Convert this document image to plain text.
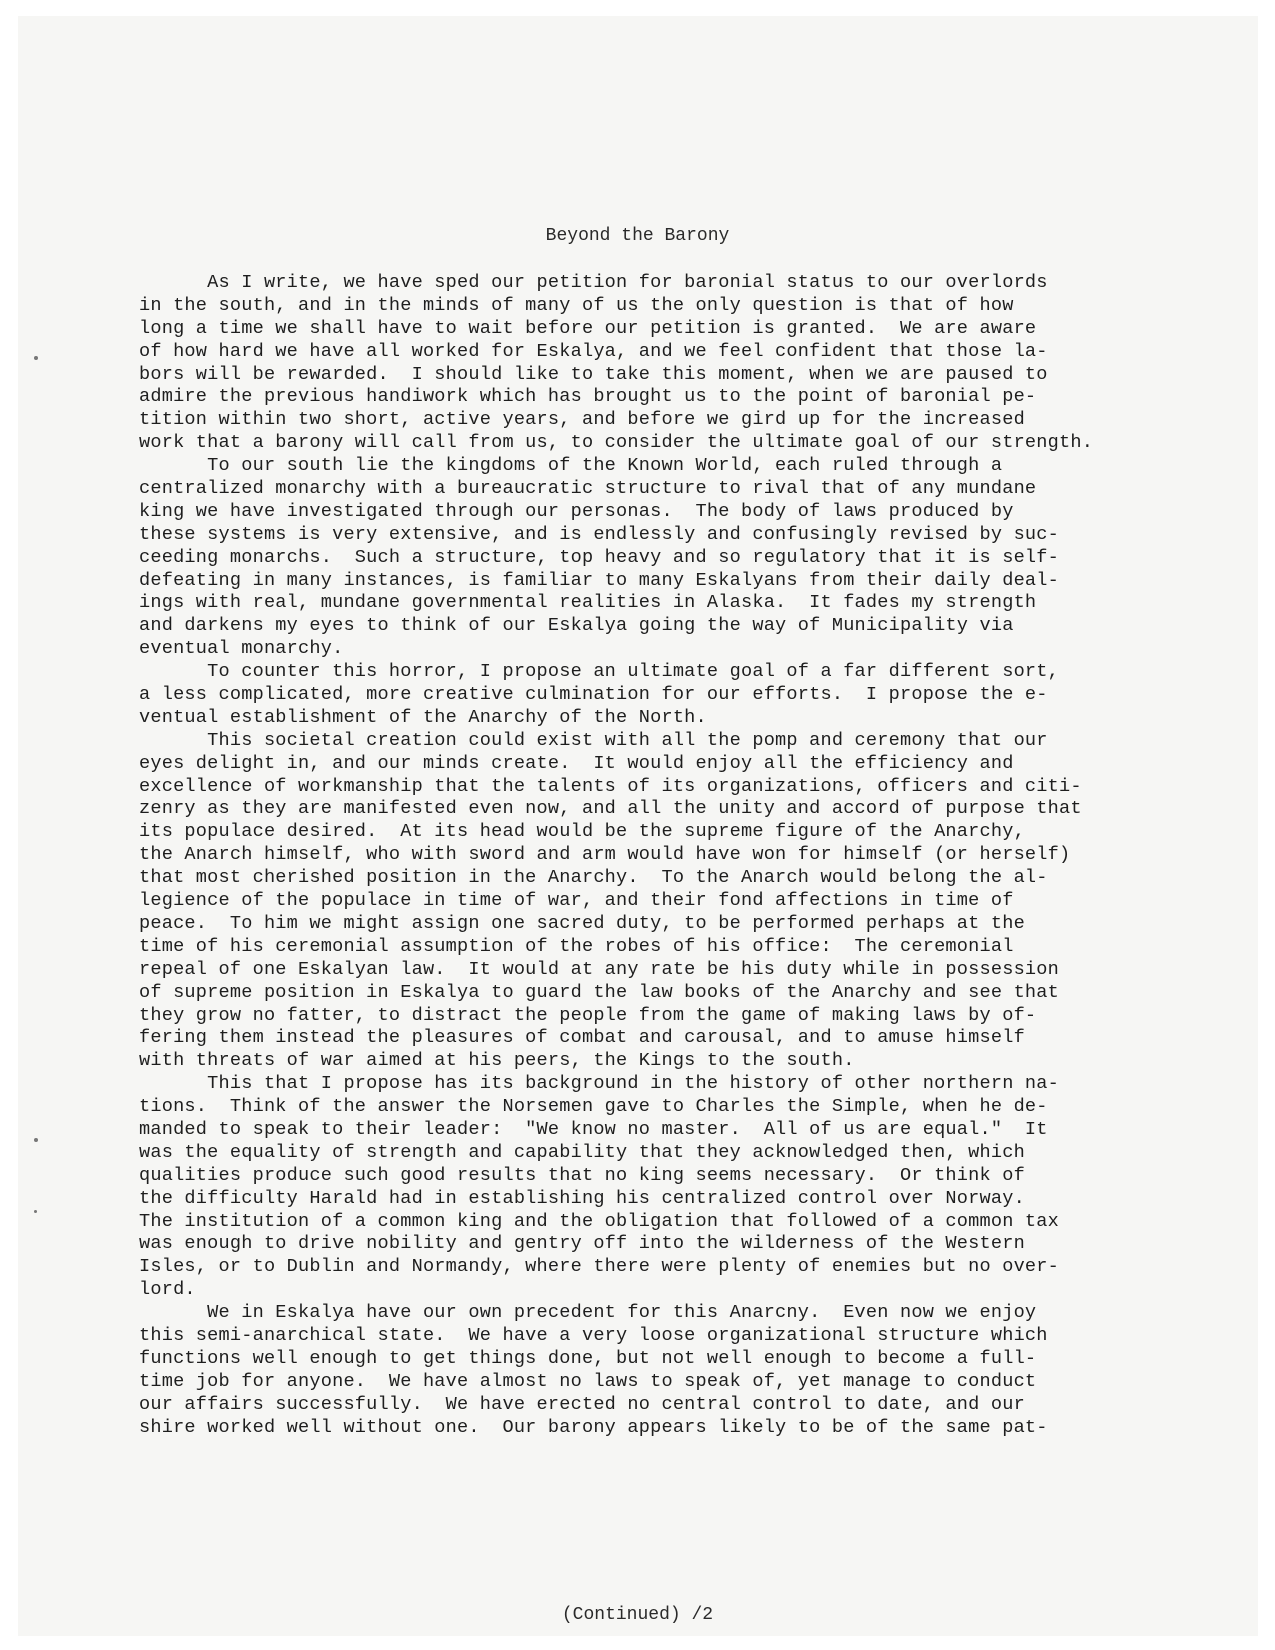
Beyond the Barony
As I write, we have sped our petition for baronial status to our overlords
in the south, and in the minds of many of us the only question is that of how
long a time we shall have to wait before our petition is granted.  We are aware
of how hard we have all worked for Eskalya, and we feel confident that those la-
bors will be rewarded.  I should like to take this moment, when we are paused to
admire the previous handiwork which has brought us to the point of baronial pe-
tition within two short, active years, and before we gird up for the increased
work that a barony will call from us, to consider the ultimate goal of our strength.
To our south lie the kingdoms of the Known World, each ruled through a
centralized monarchy with a bureaucratic structure to rival that of any mundane
king we have investigated through our personas.  The body of laws produced by
these systems is very extensive, and is endlessly and confusingly revised by suc-
ceeding monarchs.  Such a structure, top heavy and so regulatory that it is self-
defeating in many instances, is familiar to many Eskalyans from their daily deal-
ings with real, mundane governmental realities in Alaska.  It fades my strength
and darkens my eyes to think of our Eskalya going the way of Municipality via
eventual monarchy.
To counter this horror, I propose an ultimate goal of a far different sort,
a less complicated, more creative culmination for our efforts.  I propose the e-
ventual establishment of the Anarchy of the North.
This societal creation could exist with all the pomp and ceremony that our
eyes delight in, and our minds create.  It would enjoy all the efficiency and
excellence of workmanship that the talents of its organizations, officers and citi-
zenry as they are manifested even now, and all the unity and accord of purpose that
its populace desired.  At its head would be the supreme figure of the Anarchy,
the Anarch himself, who with sword and arm would have won for himself (or herself)
that most cherished position in the Anarchy.  To the Anarch would belong the al-
legience of the populace in time of war, and their fond affections in time of
peace.  To him we might assign one sacred duty, to be performed perhaps at the
time of his ceremonial assumption of the robes of his office:  The ceremonial
repeal of one Eskalyan law.  It would at any rate be his duty while in possession
of supreme position in Eskalya to guard the law books of the Anarchy and see that
they grow no fatter, to distract the people from the game of making laws by of-
fering them instead the pleasures of combat and carousal, and to amuse himself
with threats of war aimed at his peers, the Kings to the south.
This that I propose has its background in the history of other northern na-
tions.  Think of the answer the Norsemen gave to Charles the Simple, when he de-
manded to speak to their leader:  "We know no master.  All of us are equal."  It
was the equality of strength and capability that they acknowledged then, which
qualities produce such good results that no king seems necessary.  Or think of
the difficulty Harald had in establishing his centralized control over Norway.
The institution of a common king and the obligation that followed of a common tax
was enough to drive nobility and gentry off into the wilderness of the Western
Isles, or to Dublin and Normandy, where there were plenty of enemies but no over-
lord.
We in Eskalya have our own precedent for this Anarcny.  Even now we enjoy
this semi-anarchical state.  We have a very loose organizational structure which
functions well enough to get things done, but not well enough to become a full-
time job for anyone.  We have almost no laws to speak of, yet manage to conduct
our affairs successfully.  We have erected no central control to date, and our
shire worked well without one.  Our barony appears likely to be of the same pat-
(Continued) /2
